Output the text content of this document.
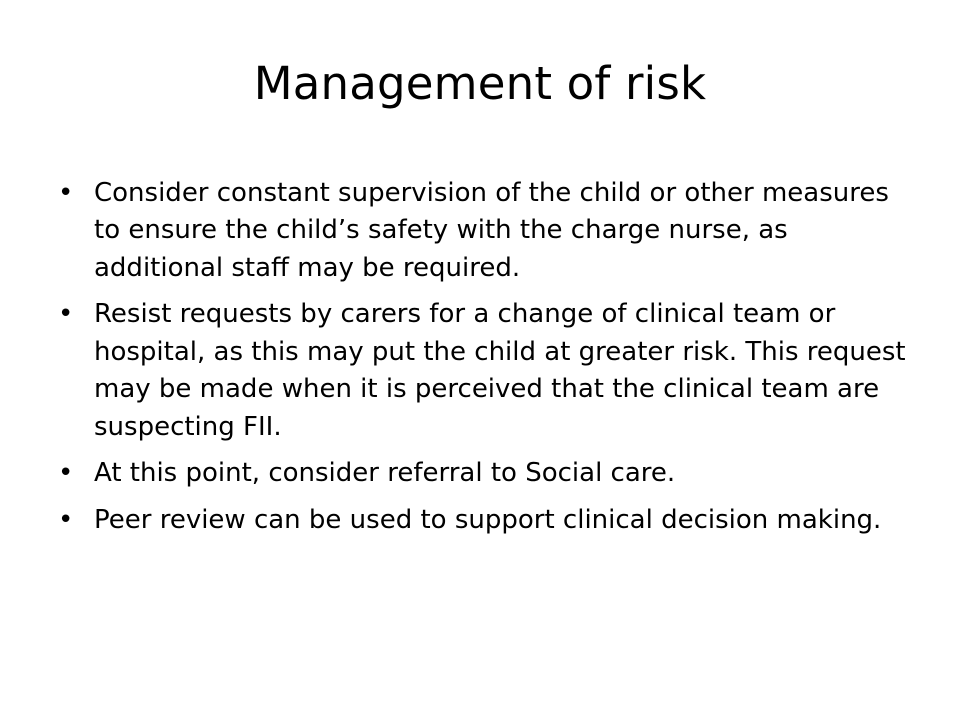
Management of risk
• Consider constant supervision of the child or other measures to ensure the child’s safety with the charge nurse, as additional staff may be required.
• Resist requests by carers for a change of clinical team or hospital, as this may put the child at greater risk. This request may be made when it is perceived that the clinical team are suspecting FII.
• At this point, consider referral to Social care.
• Peer review can be used to support clinical decision making.
